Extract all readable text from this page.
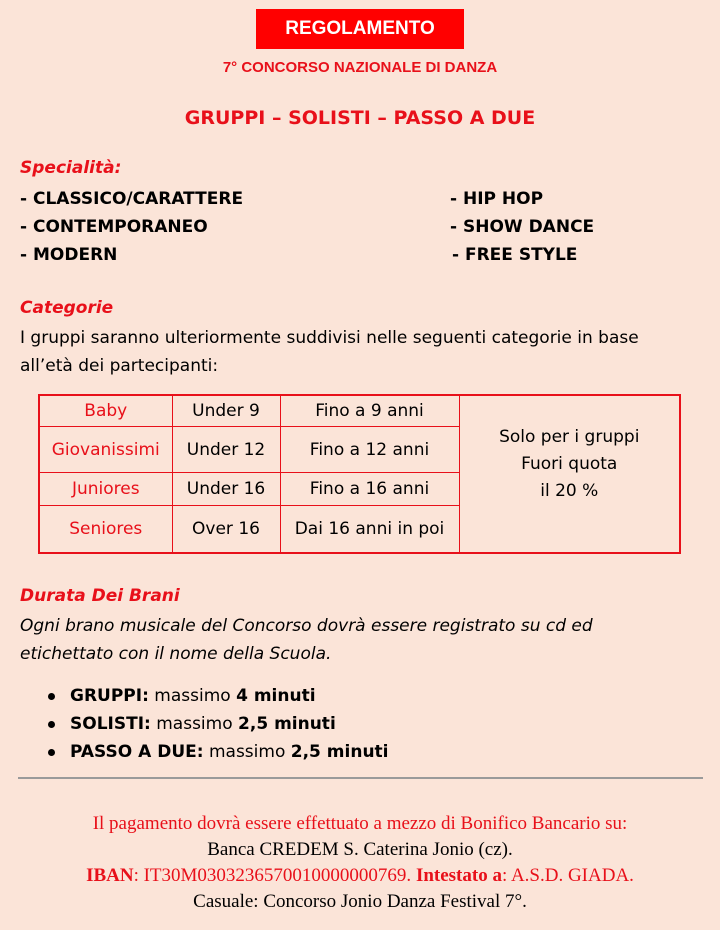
REGOLAMENTO
7° CONCORSO NAZIONALE DI DANZA
GRUPPI – SOLISTI – PASSO A DUE
Specialità:
- CLASSICO/CARATTERE
- CONTEMPORANEO
- MODERN
- HIP HOP
- SHOW DANCE
- FREE STYLE
Categorie
I gruppi saranno ulteriormente suddivisi nelle seguenti categorie in base
all’età dei partecipanti:
Baby	Under 9	Fino a 9 anni	Solo per i gruppi
Fuori quota
il 20 %

Giovanissimi	Under 12	Fino a 12 anni	
Juniores	Under 16	Fino a 16 anni	
Seniores	Over 16	Dai 16 anni in poi	
Durata Dei Brani
Ogni brano musicale del Concorso dovrà essere registrato su cd ed
etichettato con il nome della Scuola.
GRUPPI: massimo 4 minuti
SOLISTI: massimo 2,5 minuti
PASSO A DUE: massimo 2,5 minuti
Il pagamento dovrà essere effettuato a mezzo di Bonifico Bancario su:
Banca CREDEM S. Caterina Jonio (cz).
IBAN: IT30M0303236570010000000769. Intestato a: A.S.D. GIADA.
Casuale: Concorso Jonio Danza Festival 7°.
